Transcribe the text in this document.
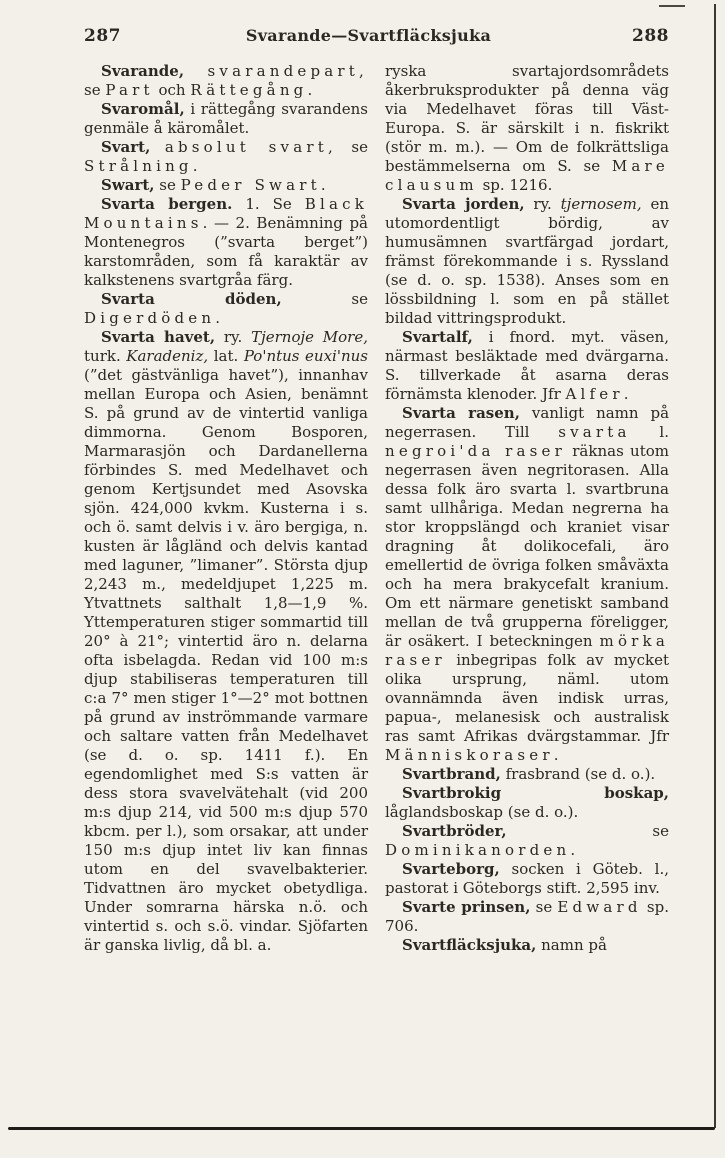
287	Svarande—Svartfläcksjuka	288

Svarande, svarandepart, se Part och Rättegång.

Svaromål, i rättegång svarandens genmäle å käromålet.

Svart, absolut svart, se Strålning.

Swart, se Peder Swart.

Svarta bergen. 1. Se Black Mountains. — 2. Benämning på Montenegros (”svarta berget”) karstområden, som få karaktär av kalkstenens svartgråa färg.

Svarta döden, se Digerdöden.

Svarta havet, ry. Tjernoje More, turk. Karadeniz, lat. Po'ntus euxi'nus (”det gästvänliga havet”), innanhav mellan Europa och Asien, benämnt S. på grund av de vintertid vanliga dimmorna. Genom Bosporen, Marmarasjön och Dardanellerna förbindes S. med Medelhavet och genom Kertjsundet med Asovska sjön. 424,000 kvkm. Kusterna i s. och ö. samt delvis i v. äro bergiga, n. kusten är lågländ och delvis kantad med laguner, ”limaner”. Största djup 2,243 m., medeldjupet 1,225 m. Ytvattnets salthalt 1,8—1,9 %. Yttemperaturen stiger sommartid till 20° à 21°; vintertid äro n. delarna ofta isbelagda. Redan vid 100 m:s djup stabiliseras temperaturen till c:a 7° men stiger 1°—2° mot bottnen på grund av inströmmande varmare och saltare vatten från Medelhavet (se d. o. sp. 1411 f.). En egendomlighet med S:s vatten är dess stora svavelvätehalt (vid 200 m:s djup 214, vid 500 m:s djup 570 kbcm. per l.), som orsakar, att under 150 m:s djup intet liv kan finnas utom en del svavelbakterier. Tidvattnen äro mycket obetydliga. Under somrarna härska n.ö. och vintertid s. och s.ö. vindar. Sjöfarten är ganska livlig, då bl. a.

ryska svartajordsområdets åkerbruksprodukter på denna väg via Medelhavet föras till Väst-Europa. S. är särskilt i n. fiskrikt (stör m. m.). — Om de folkrättsliga bestämmelserna om S. se Mare clausum sp. 1216.

Svarta jorden, ry. tjernosem, en utomordentligt bördig, av humusämnen svartfärgad jordart, främst förekommande i s. Ryssland (se d. o. sp. 1538). Anses som en lössbildning l. som en på stället bildad vittringsprodukt.

Svartalf, i fnord. myt. väsen, närmast besläktade med dvärgarna. S. tillverkade åt asarna deras förnämsta klenoder. Jfr Alfer.

Svarta rasen, vanligt namn på negerrasen. Till svarta l. negroi'da raser räknas utom negerrasen även negritorasen. Alla dessa folk äro svarta l. svartbruna samt ullhåriga. Medan negrerna ha stor kroppslängd och kraniet visar dragning åt dolikocefali, äro emellertid de övriga folken småväxta och ha mera brakycefalt kranium. Om ett närmare genetiskt samband mellan de två grupperna föreligger, är osäkert. I beteckningen mörka raser inbegripas folk av mycket olika ursprung, näml. utom ovannämnda även indisk urras, papua-, melanesisk och australisk ras samt Afrikas dvärgstammar. Jfr Människoraser.

Svartbrand, frasbrand (se d. o.).

Svartbrokig boskap, låglandsboskap (se d. o.).

Svartbröder, se Dominikanorden.

Svarteborg, socken i Göteb. l., pastorat i Göteborgs stift. 2,595 inv.

Svarte prinsen, se Edward sp. 706.

Svartfläcksjuka, namn på
